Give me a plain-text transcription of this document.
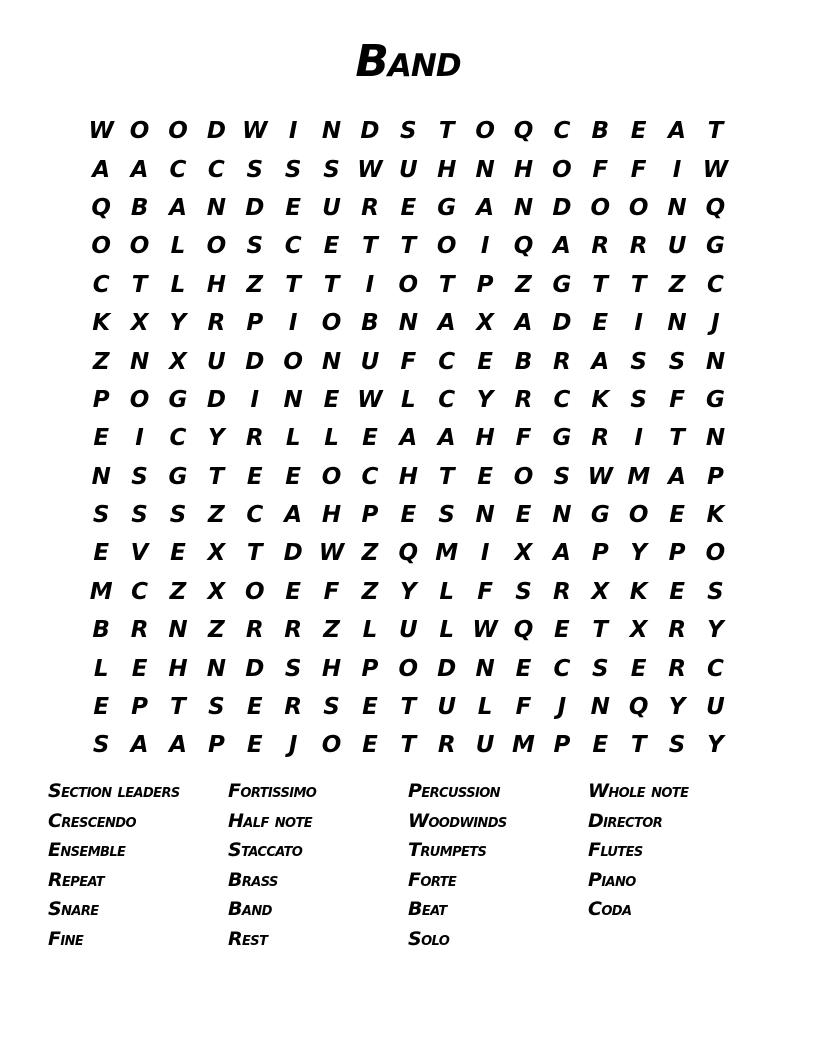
Band
W O O D W I	N D S T O Q C B E A T
A A C C S S S W U H N H O F F	I W
Q B A N D E U R E G A N D O O N Q
O O L O S C E T T O	I	Q A R R U G
C T	L H Z T T	I	O T P Z G T T Z C
K X Y R P	I	O B N A X A D E	I	N	J
Z N X U D O N U F C E B R A S S N
P O G D	I	N E W L C Y R C K S F G
E	I	C Y R L	L	E A A H F G R	I	T N
N S G T E E O C H T E O S W M A P
S S S Z C A H P E S N E N G O E K
E V E X T D W Z Q M I	X A P Y P O
M C Z X O E F Z Y L	F S R X K E S
B R N Z R R Z L U L W Q E T X R Y
L	E H N D S H P O D N E C S E R C
E P T S E R S E T U L	F	J	N Q Y U
S A A P E	J	O E T R U M P E T S Y
Section leaders	Fortissimo	Percussion	Whole note
Crescendo	Half note	Woodwinds	Director
Ensemble	Staccato	Trumpets	Flutes
Repeat	Brass	Forte	Piano
Snare	Band	Beat	Coda
Fine	Rest	Solo
